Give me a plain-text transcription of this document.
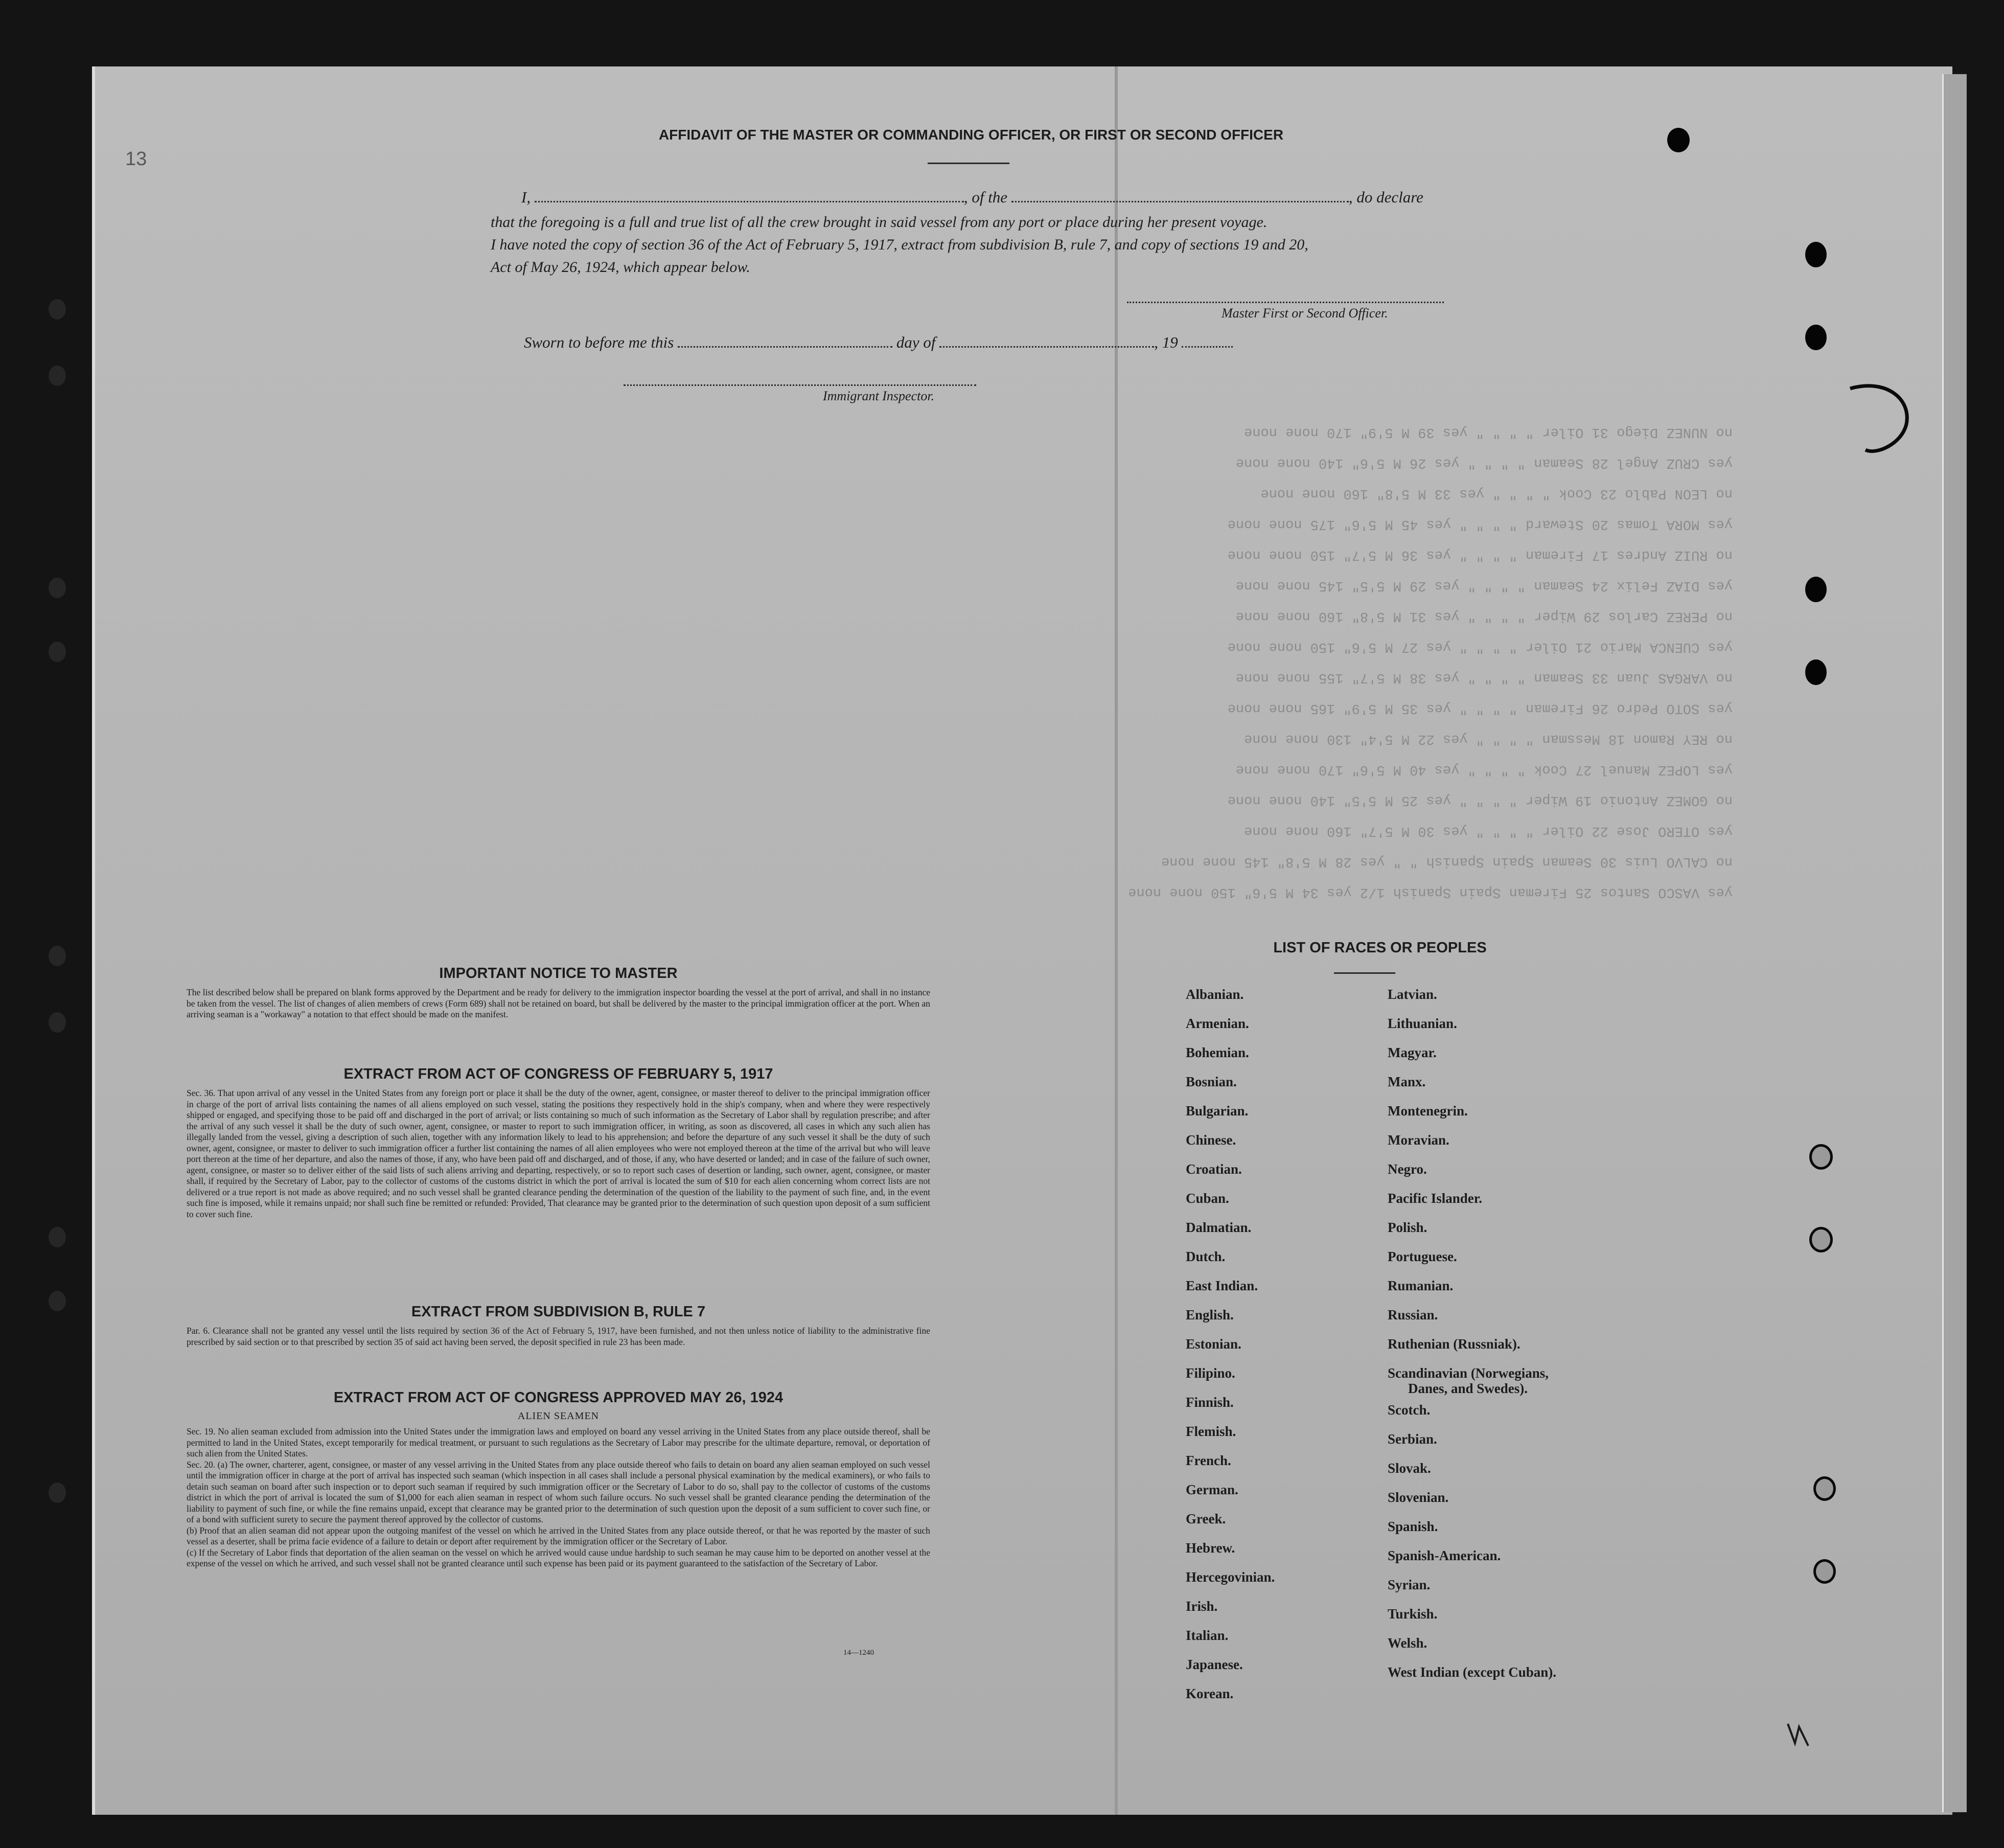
13
yes VASCO Santos 25 Fireman Spain Spanish 1/2 yes 34 M 5'6" 150 none none
no CALVO Luis 30 Seaman Spain Spanish " " yes 28 M 5'8" 145 none none
yes OTERO Jose 22 Oiler " " " " yes 30 M 5'7" 160 none none
no GOMEZ Antonio 19 Wiper " " " " yes 25 M 5'5" 140 none none
yes LOPEZ Manuel 27 Cook " " " " yes 40 M 5'6" 170 none none
no REY Ramon 18 Messman " " " " yes 22 M 5'4" 130 none none
yes SOTO Pedro 26 Fireman " " " " yes 35 M 5'9" 165 none none
no VARGAS Juan 33 Seaman " " " " yes 38 M 5'7" 155 none none
yes CUENCA Mario 21 Oiler " " " " yes 27 M 5'6" 150 none none
no PEREZ Carlos 29 Wiper " " " " yes 31 M 5'8" 160 none none
yes DIAZ Felix 24 Seaman " " " " yes 29 M 5'5" 145 none none
no RUIZ Andres 17 Fireman " " " " yes 36 M 5'7" 150 none none
yes MORA Tomas 20 Steward " " " " yes 45 M 5'6" 175 none none
no LEON Pablo 23 Cook " " " " yes 33 M 5'8" 160 none none
yes CRUZ Angel 28 Seaman " " " " yes 26 M 5'6" 140 none none
no NUNEZ Diego 31 Oiler " " " " yes 39 M 5'9" 170 none none
AFFIDAVIT OF THE MASTER OR COMMANDING OFFICER, OR FIRST OR SECOND OFFICER
I,	, of the	, do declare
that the foregoing is a full and true list of all the crew brought in said vessel from any port or place during her present voyage.
I have noted the copy of section 36 of the Act of February 5, 1917, extract from subdivision B, rule 7, and copy of sections 19 and 20,
Act of May 26, 1924, which appear below.
Master First or Second Officer.
Sworn to before me this	day of	, 19
Immigrant Inspector.
IMPORTANT NOTICE TO MASTER

The list described below shall be prepared on blank forms approved by the Department and be ready for delivery to the immigration inspector boarding the vessel at the port of arrival, and shall in no instance be taken from the vessel. The list of changes of alien members of crews (Form 689) shall not be retained on board, but shall be delivered by the master to the principal immigration officer at the port. When an arriving seaman is a "workaway" a notation to that effect should be made on the manifest.

EXTRACT FROM ACT OF CONGRESS OF FEBRUARY 5, 1917

Sec. 36. That upon arrival of any vessel in the United States from any foreign port or place it shall be the duty of the owner, agent, consignee, or master thereof to deliver to the principal immigration officer in charge of the port of arrival lists containing the names of all aliens employed on such vessel, stating the positions they respectively hold in the ship's company, when and where they were respectively shipped or engaged, and specifying those to be paid off and discharged in the port of arrival; or lists containing so much of such information as the Secretary of Labor shall by regulation prescribe; and after the arrival of any such vessel it shall be the duty of such owner, agent, consignee, or master to report to such immigration officer, in writing, as soon as discovered, all cases in which any such alien has illegally landed from the vessel, giving a description of such alien, together with any information likely to lead to his apprehension; and before the departure of any such vessel it shall be the duty of such owner, agent, consignee, or master to deliver to such immigration officer a further list containing the names of all alien employees who were not employed thereon at the time of the arrival but who will leave port thereon at the time of her departure, and also the names of those, if any, who have been paid off and discharged, and of those, if any, who have deserted or landed; and in case of the failure of such owner, agent, consignee, or master so to deliver either of the said lists of such aliens arriving and departing, respectively, or so to report such cases of desertion or landing, such owner, agent, consignee, or master shall, if required by the Secretary of Labor, pay to the collector of customs of the customs district in which the port of arrival is located the sum of $10 for each alien concerning whom correct lists are not delivered or a true report is not made as above required; and no such vessel shall be granted clearance pending the determination of the question of the liability to the payment of such fine, and, in the event such fine is imposed, while it remains unpaid; nor shall such fine be remitted or refunded: Provided, That clearance may be granted prior to the determination of such question upon deposit of a sum sufficient to cover such fine.

EXTRACT FROM SUBDIVISION B, RULE 7

Par. 6. Clearance shall not be granted any vessel until the lists required by section 36 of the Act of February 5, 1917, have been furnished, and not then unless notice of liability to the administrative fine prescribed by said section or to that prescribed by section 35 of said act having been served, the deposit specified in rule 23 has been made.

EXTRACT FROM ACT OF CONGRESS APPROVED MAY 26, 1924
ALIEN SEAMEN

Sec. 19. No alien seaman excluded from admission into the United States under the immigration laws and employed on board any vessel arriving in the United States from any place outside thereof, shall be permitted to land in the United States, except temporarily for medical treatment, or pursuant to such regulations as the Secretary of Labor may prescribe for the ultimate departure, removal, or deportation of such alien from the United States.

Sec. 20. (a) The owner, charterer, agent, consignee, or master of any vessel arriving in the United States from any place outside thereof who fails to detain on board any alien seaman employed on such vessel until the immigration officer in charge at the port of arrival has inspected such seaman (which inspection in all cases shall include a personal physical examination by the medical examiners), or who fails to detain such seaman on board after such inspection or to deport such seaman if required by such immigration officer or the Secretary of Labor to do so, shall pay to the collector of customs of the customs district in which the port of arrival is located the sum of $1,000 for each alien seaman in respect of whom such failure occurs. No such vessel shall be granted clearance pending the determination of the liability to payment of such fine, or while the fine remains unpaid, except that clearance may be granted prior to the determination of such question upon the deposit of a sum sufficient to cover such fine, or of a bond with sufficient surety to secure the payment thereof approved by the collector of customs.

(b) Proof that an alien seaman did not appear upon the outgoing manifest of the vessel on which he arrived in the United States from any place outside thereof, or that he was reported by the master of such vessel as a deserter, shall be prima facie evidence of a failure to detain or deport after requirement by the immigration officer or the Secretary of Labor.

(c) If the Secretary of Labor finds that deportation of the alien seaman on the vessel on which he arrived would cause undue hardship to such seaman he may cause him to be deported on another vessel at the expense of the vessel on which he arrived, and such vessel shall not be granted clearance until such expense has been paid or its payment guaranteed to the satisfaction of the Secretary of Labor.

14—1240
LIST OF RACES OR PEOPLES
Albanian.
Armenian.
Bohemian.
Bosnian.
Bulgarian.
Chinese.
Croatian.
Cuban.
Dalmatian.
Dutch.
East Indian.
English.
Estonian.
Filipino.
Finnish.
Flemish.
French.
German.
Greek.
Hebrew.
Hercegovinian.
Irish.
Italian.
Japanese.
Korean.
Latvian.
Lithuanian.
Magyar.
Manx.
Montenegrin.
Moravian.
Negro.
Pacific Islander.
Polish.
Portuguese.
Rumanian.
Russian.
Ruthenian (Russniak).
Scandinavian (Norwegians,
Danes, and Swedes).
Scotch.
Serbian.
Slovak.
Slovenian.
Spanish.
Spanish-American.
Syrian.
Turkish.
Welsh.
West Indian (except Cuban).
